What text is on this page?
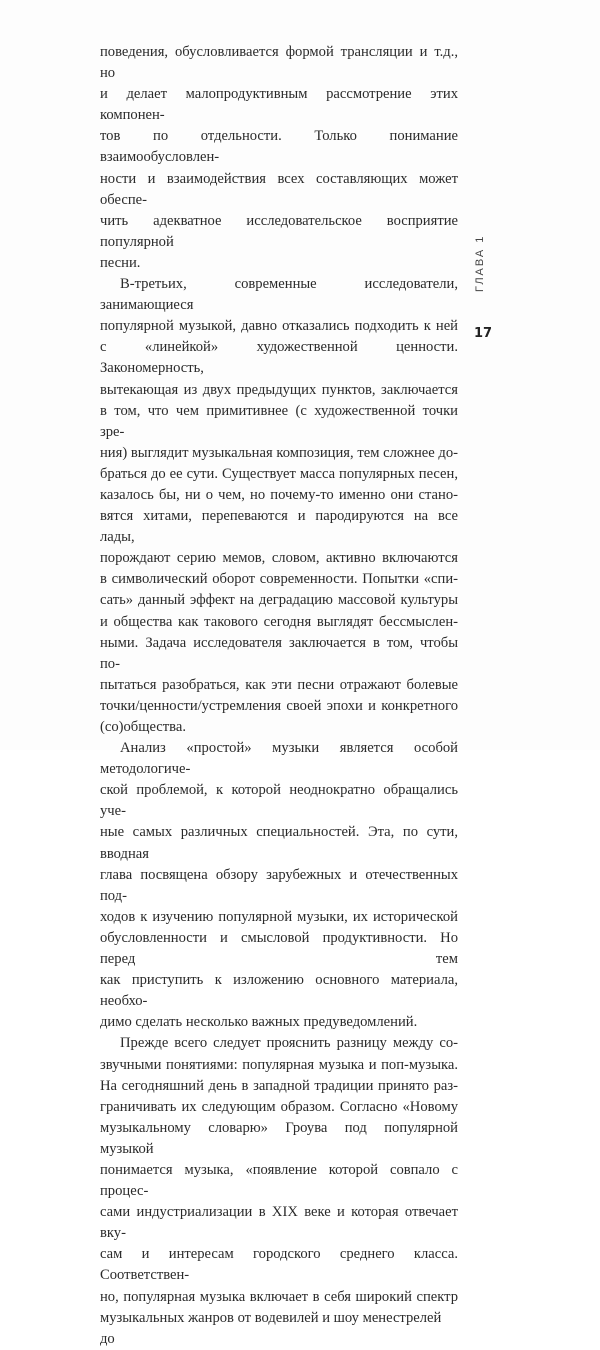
поведения, обусловливается формой трансляции и т.д., но
и делает малопродуктивным рассмотрение этих компонен-
тов по отдельности. Только понимание взаимообусловлен-
ности и взаимодействия всех составляющих может обеспе-
чить адекватное исследовательское восприятие популярной
песни.

В-третьих, современные исследователи, занимающиеся
популярной музыкой, давно отказались подходить к ней
с «линейкой» художественной ценности. Закономерность,
вытекающая из двух предыдущих пунктов, заключается
в том, что чем примитивнее (с художественной точки зре-
ния) выглядит музыкальная композиция, тем сложнее до-
браться до ее сути. Существует масса популярных песен,
казалось бы, ни о чем, но почему-то именно они стано-
вятся хитами, перепеваются и пародируются на все лады,
порождают серию мемов, словом, активно включаются
в символический оборот современности. Попытки «спи-
сать» данный эффект на деградацию массовой культуры
и общества как такового сегодня выглядят бессмыслен-
ными. Задача исследователя заключается в том, чтобы по-
пытаться разобраться, как эти песни отражают болевые
точки/ценности/устремления своей эпохи и конкретного
(со)общества.

Анализ «простой» музыки является особой методологиче-
ской проблемой, к которой неоднократно обращались уче-
ные самых различных специальностей. Эта, по сути, вводная
глава посвящена обзору зарубежных и отечественных под-
ходов к изучению популярной музыки, их исторической
обусловленности и смысловой продуктивности. Но перед тем
как приступить к изложению основного материала, необхо-
димо сделать несколько важных предуведомлений.

Прежде всего следует прояснить разницу между со-
звучными понятиями: популярная музыка и поп-музыка.
На сегодняшний день в западной традиции принято раз-
граничивать их следующим образом. Согласно «Новому
музыкальному словарю» Гроува под популярной музыкой
понимается музыка, «появление которой совпало с процес-
сами индустриализации в XIX веке и которая отвечает вку-
сам и интересам городского среднего класса. Соответствен-
но, популярная музыка включает в себя широкий спектр
музыкальных жанров от водевилей и шоу менестрелей до

ГЛАВА 1
17
